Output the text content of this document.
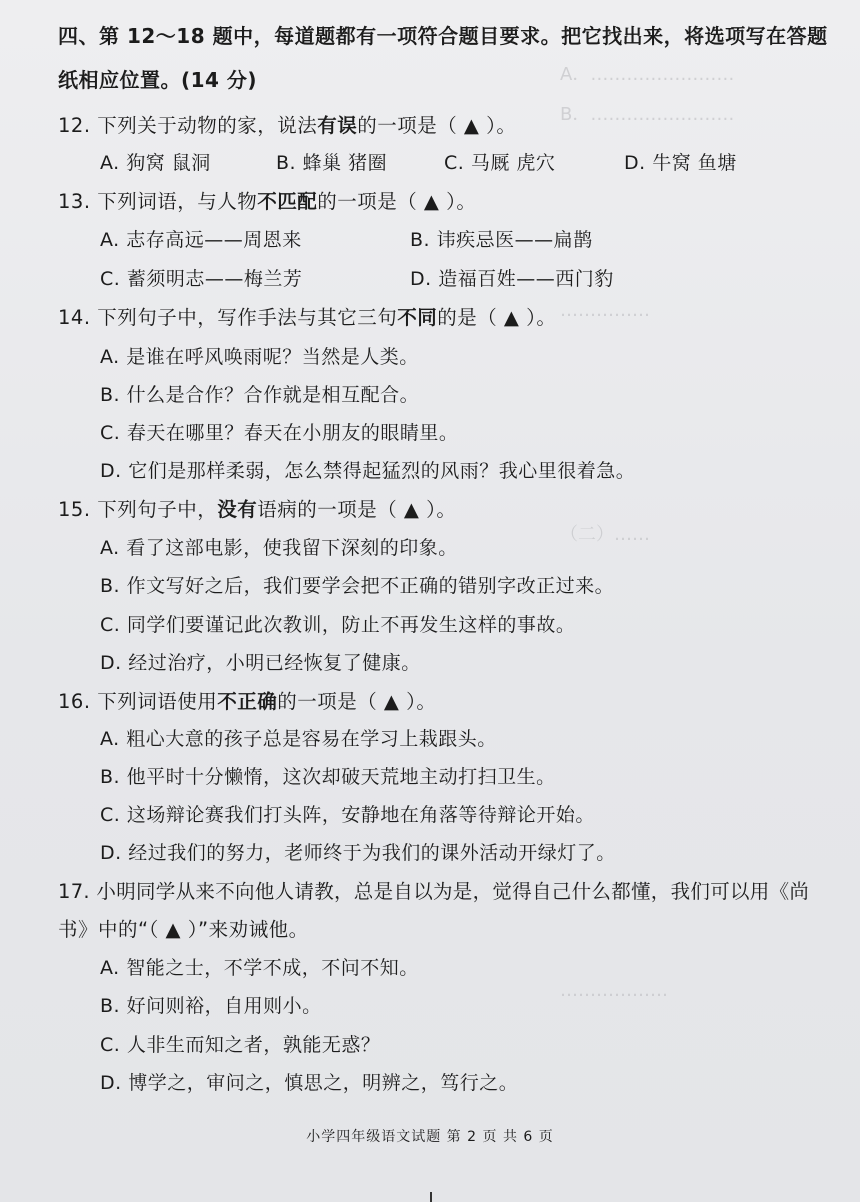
A．……………………
B．……………………
……………
（二）……
………………
四、第 12～18 题中，每道题都有一项符合题目要求。把它找出来，将选项写在答题
纸相应位置。(14 分)
12. 下列关于动物的家，说法有误的一项是（ ▲ ）。
A. 狗窝 鼠洞	B. 蜂巢 猪圈	C. 马厩 虎穴	D. 牛窝 鱼塘
13. 下列词语，与人物不匹配的一项是（ ▲ ）。
A. 志存高远——周恩来	B. 讳疾忌医——扁鹊
C. 蓄须明志——梅兰芳	D. 造福百姓——西门豹
14. 下列句子中，写作手法与其它三句不同的是（ ▲ ）。
A. 是谁在呼风唤雨呢？当然是人类。
B. 什么是合作？合作就是相互配合。
C. 春天在哪里？春天在小朋友的眼睛里。
D. 它们是那样柔弱，怎么禁得起猛烈的风雨？我心里很着急。
15. 下列句子中，没有语病的一项是（ ▲ ）。
A. 看了这部电影，使我留下深刻的印象。
B. 作文写好之后，我们要学会把不正确的错别字改正过来。
C. 同学们要谨记此次教训，防止不再发生这样的事故。
D. 经过治疗，小明已经恢复了健康。
16. 下列词语使用不正确的一项是（ ▲ ）。
A. 粗心大意的孩子总是容易在学习上栽跟头。
B. 他平时十分懒惰，这次却破天荒地主动打扫卫生。
C. 这场辩论赛我们打头阵，安静地在角落等待辩论开始。
D. 经过我们的努力，老师终于为我们的课外活动开绿灯了。
17. 小明同学从来不向他人请教，总是自以为是，觉得自己什么都懂，我们可以用《尚
书》中的“（ ▲ ）”来劝诫他。
A. 智能之士，不学不成，不问不知。
B. 好问则裕，自用则小。
C. 人非生而知之者，孰能无惑？
D. 博学之，审问之，慎思之，明辨之，笃行之。
小学四年级语文试题 第 2 页 共 6 页
